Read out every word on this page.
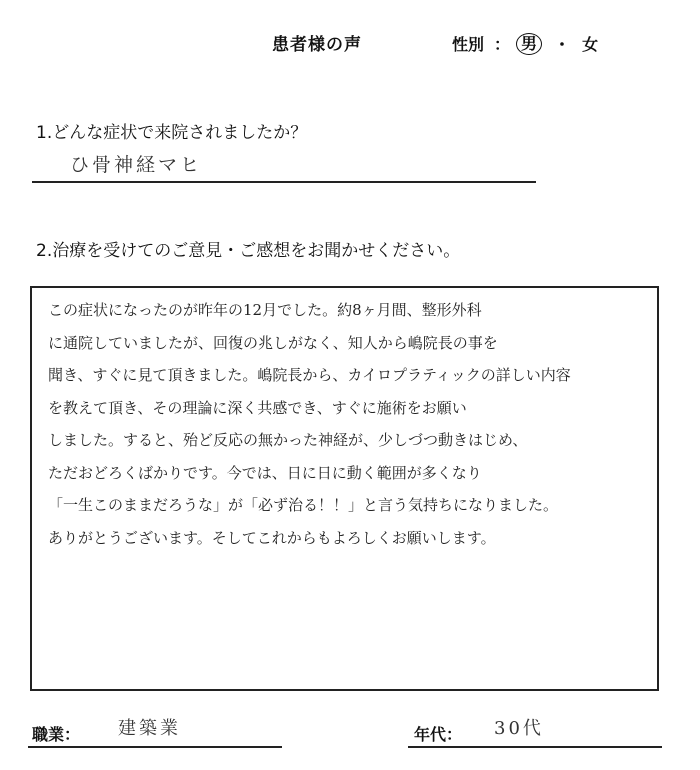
患者様の声	性別 ： 男	・ 女
1.どんな症状で来院されましたか？
ひ骨神経マヒ
2.治療を受けてのご意見・ご感想をお聞かせください。
この症状になったのが昨年の12月でした。約8ヶ月間、整形外科
に通院していましたが、回復の兆しがなく、知人から嶋院長の事を
聞き、すぐに見て頂きました。嶋院長から、カイロプラティックの詳しい内容
を教えて頂き、その理論に深く共感でき、すぐに施術をお願い
しました。すると、殆ど反応の無かった神経が、少しづつ動きはじめ、
ただおどろくばかりです。今では、日に日に動く範囲が多くなり
「一生このままだろうな」が「必ず治る！！」と言う気持ちになりました。
ありがとうございます。そしてこれからもよろしくお願いします。
職業： 建築業	年代： 30代
